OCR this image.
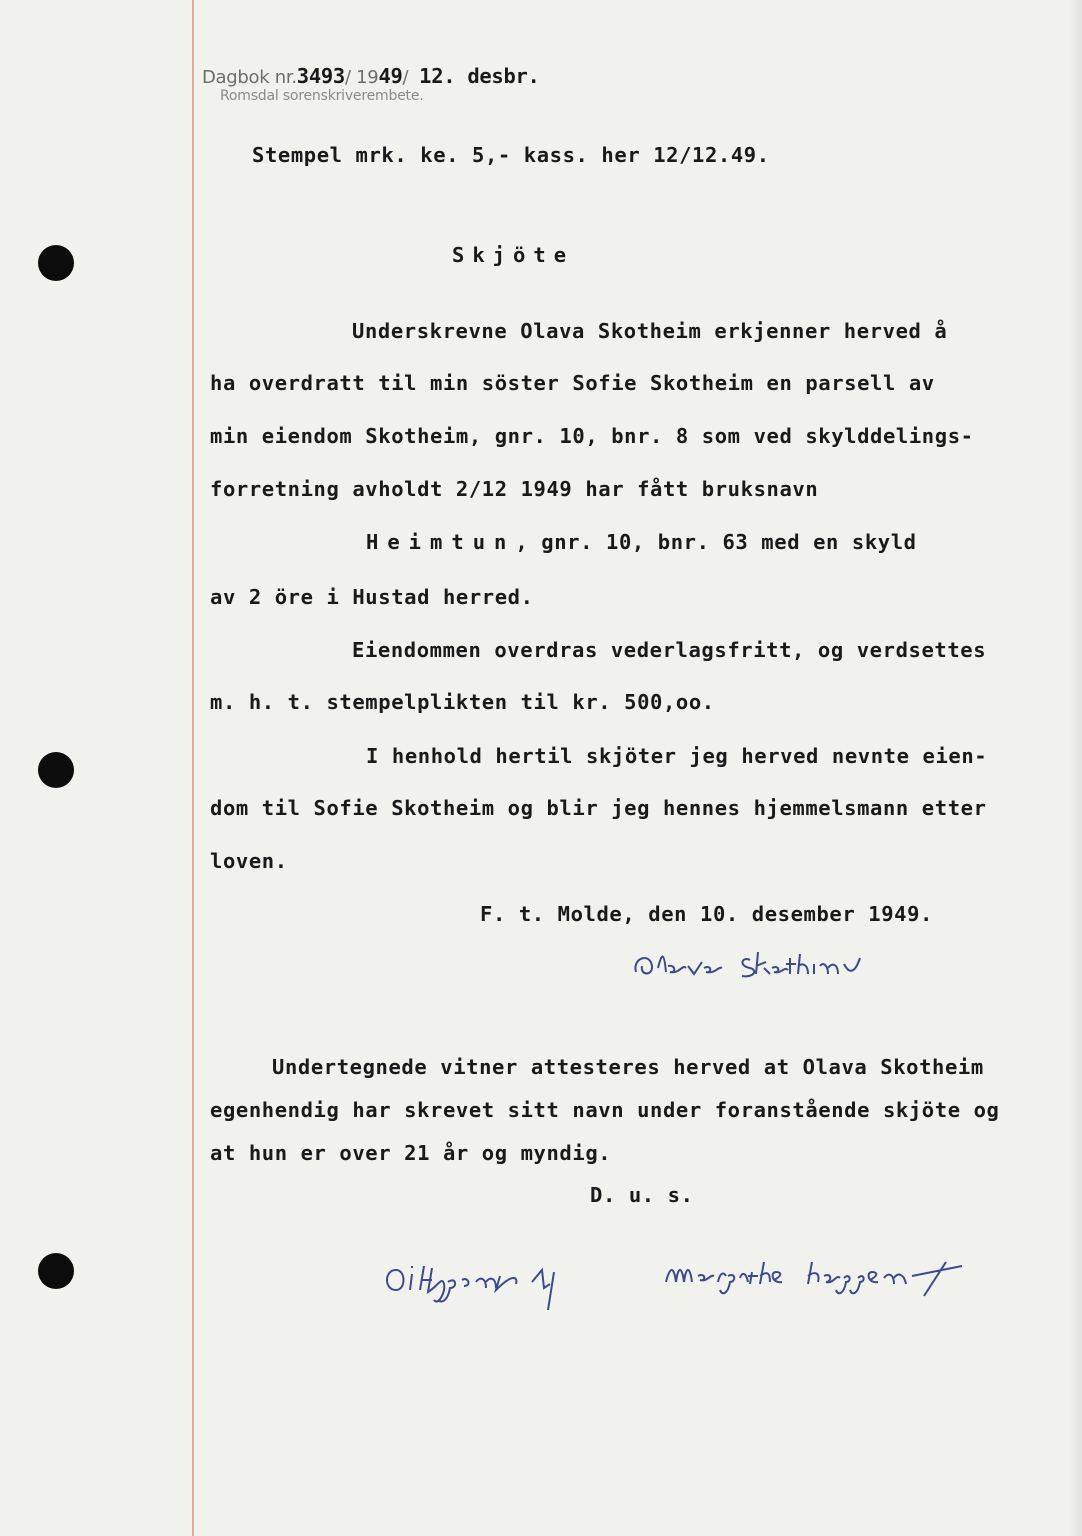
Dagbok nr.3493/ 1949/  12. desbr.
Romsdal sorenskriverembete.
Stempel mrk. ke. 5,- kass. her 12/12.49.
Skjöte
Underskrevne Olava Skotheim erkjenner herved å
ha overdratt til min söster Sofie Skotheim en parsell av
min eiendom Skotheim, gnr. 10, bnr. 8 som ved skylddelings-
forretning avholdt 2/12 1949 har fått bruksnavn
Heimtun, gnr. 10, bnr. 63 med en skyld
av 2 öre i Hustad herred.
Eiendommen overdras vederlagsfritt, og verdsettes
m. h. t. stempelplikten til kr. 500,oo.
I henhold hertil skjöter jeg herved nevnte eien-
dom til Sofie Skotheim og blir jeg hennes hjemmelsmann etter
loven.
F. t. Molde, den 10. desember 1949.

Undertegnede vitner attesteres herved at Olava Skotheim
egenhendig har skrevet sitt navn under foranstående skjöte og
at hun er over 21 år og myndig.
D. u. s.
